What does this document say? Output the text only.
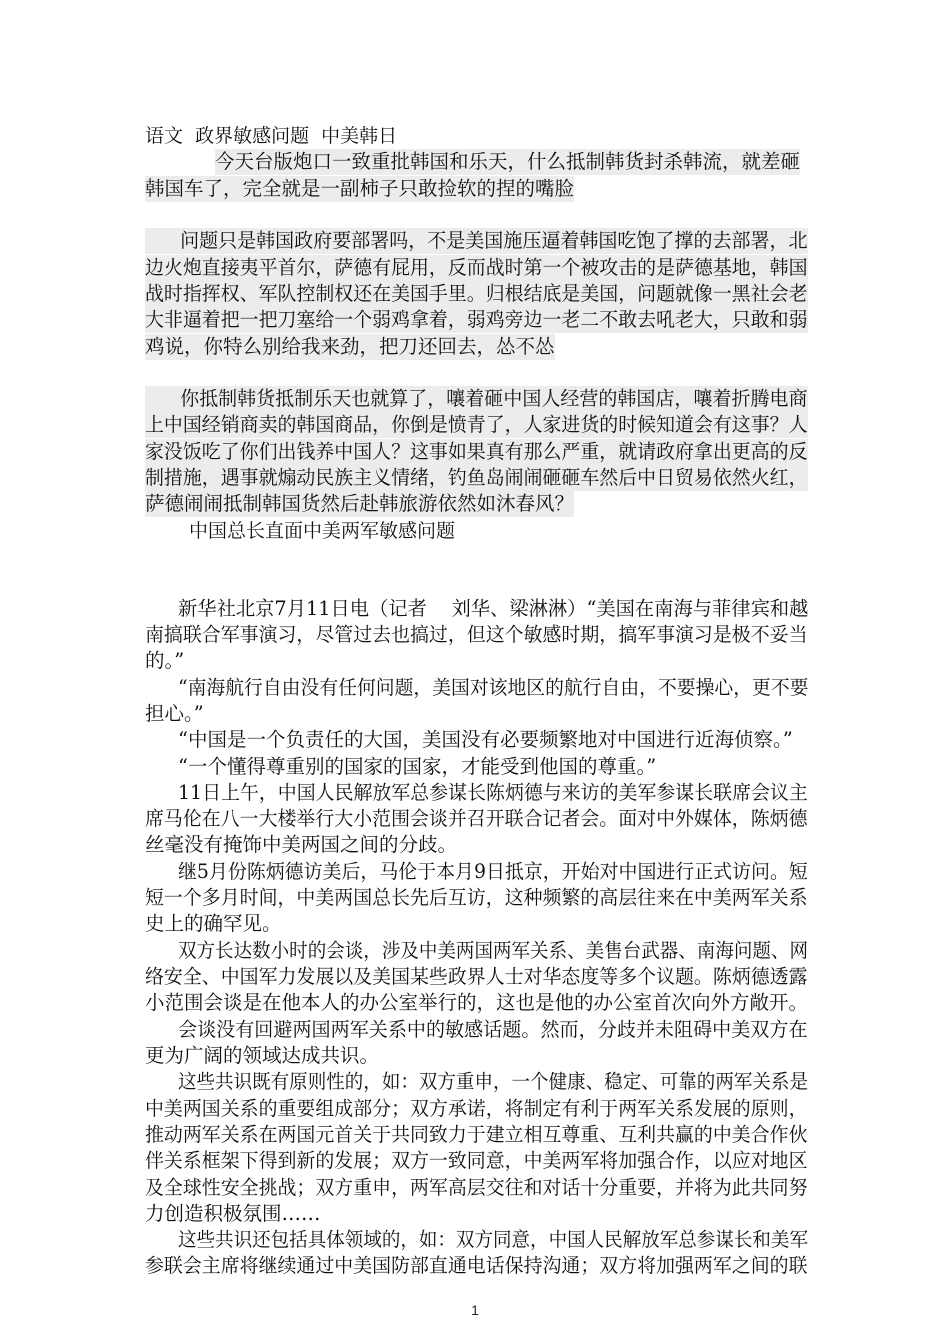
语文  政界敏感问题  中美韩日
今天台版炮口一致重批韩国和乐天，什么抵制韩货封杀韩流，就差砸
韩国车了，完全就是一副柿子只敢捡软的捏的嘴脸
问题只是韩国政府要部署吗，不是美国施压逼着韩国吃饱了撑的去部署，北
边火炮直接夷平首尔，萨德有屁用，反而战时第一个被攻击的是萨德基地，韩国
战时指挥权、军队控制权还在美国手里。归根结底是美国，问题就像一黑社会老
大非逼着把一把刀塞给一个弱鸡拿着，弱鸡旁边一老二不敢去吼老大，只敢和弱
鸡说，你特么别给我来劲，把刀还回去，怂不怂
你抵制韩货抵制乐天也就算了，嚷着砸中国人经营的韩国店，嚷着折腾电商
上中国经销商卖的韩国商品，你倒是愤青了，人家进货的时候知道会有这事？人
家没饭吃了你们出钱养中国人？这事如果真有那么严重，就请政府拿出更高的反
制措施，遇事就煽动民族主义情绪，钓鱼岛闹闹砸砸车然后中日贸易依然火红，
萨德闹闹抵制韩国货然后赴韩旅游依然如沐春风？
中国总长直面中美两军敏感问题
新华社北京7月11日电（记者    刘华、梁淋淋）“美国在南海与菲律宾和越
南搞联合军事演习，尽管过去也搞过，但这个敏感时期，搞军事演习是极不妥当
的。”
“南海航行自由没有任何问题，美国对该地区的航行自由，不要操心，更不要
担心。”
“中国是一个负责任的大国，美国没有必要频繁地对中国进行近海侦察。”
“一个懂得尊重别的国家的国家，才能受到他国的尊重。”
11日上午，中国人民解放军总参谋长陈炳德与来访的美军参谋长联席会议主
席马伦在八一大楼举行大小范围会谈并召开联合记者会。面对中外媒体，陈炳德
丝毫没有掩饰中美两国之间的分歧。
继5月份陈炳德访美后，马伦于本月9日抵京，开始对中国进行正式访问。短
短一个多月时间，中美两国总长先后互访，这种频繁的高层往来在中美两军关系
史上的确罕见。
双方长达数小时的会谈，涉及中美两国两军关系、美售台武器、南海问题、网
络安全、中国军力发展以及美国某些政界人士对华态度等多个议题。陈炳德透露
小范围会谈是在他本人的办公室举行的，这也是他的办公室首次向外方敞开。
会谈没有回避两国两军关系中的敏感话题。然而，分歧并未阻碍中美双方在
更为广阔的领域达成共识。
这些共识既有原则性的，如：双方重申，一个健康、稳定、可靠的两军关系是
中美两国关系的重要组成部分；双方承诺，将制定有利于两军关系发展的原则，
推动两军关系在两国元首关于共同致力于建立相互尊重、互利共赢的中美合作伙
伴关系框架下得到新的发展；双方一致同意，中美两军将加强合作，以应对地区
及全球性安全挑战；双方重申，两军高层交往和对话十分重要，并将为此共同努
力创造积极氛围……
这些共识还包括具体领域的，如：双方同意，中国人民解放军总参谋长和美军
参联会主席将继续通过中美国防部直通电话保持沟通；双方将加强两军之间的联
1
